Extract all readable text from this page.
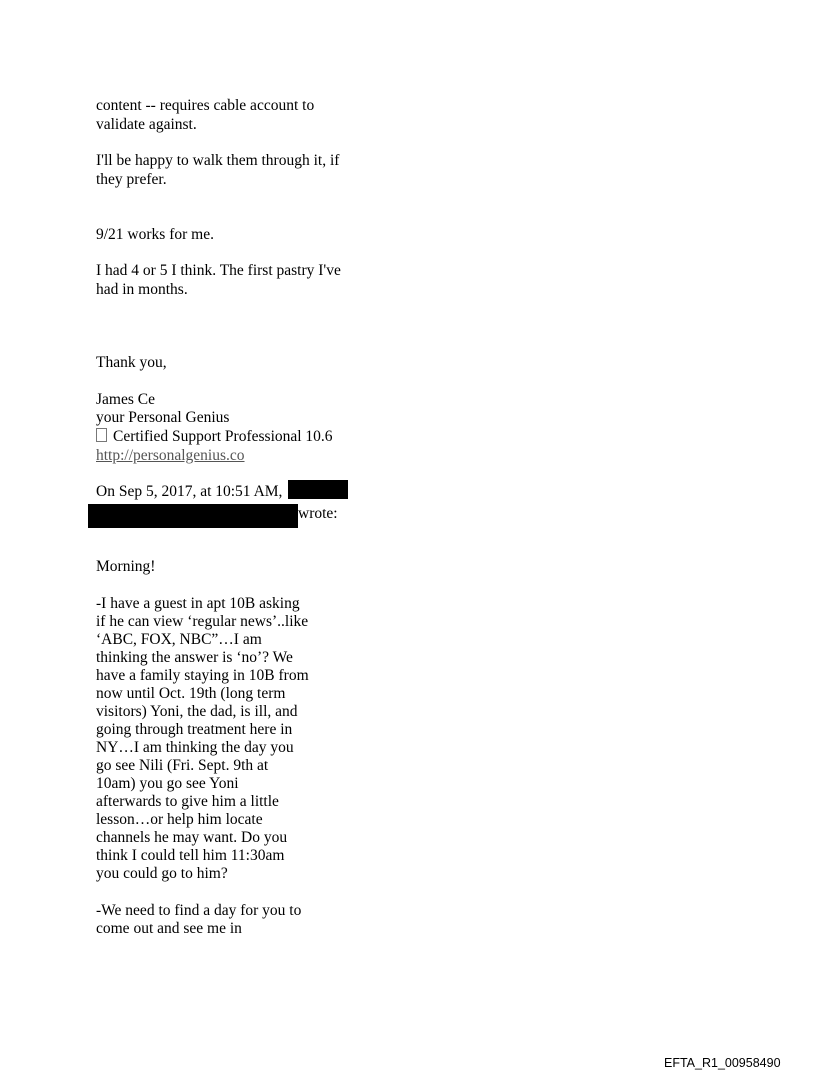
content -- requires cable account to
validate against.
I'll be happy to walk them through it, if
they prefer.
9/21 works for me.
I had 4 or 5 I think. The first pastry I've
had in months.
Thank you,
James Ce
your Personal Genius
Certified Support Professional 10.6
http://personalgenius.co
On Sep 5, 2017, at 10:51 AM,
wrote:
Morning!
-I have a guest in apt 10B asking
if he can view ‘regular news’..like
‘ABC, FOX, NBC”…I am
thinking the answer is ‘no’? We
have a family staying in 10B from
now until Oct. 19th (long term
visitors) Yoni, the dad, is ill, and
going through treatment here in
NY…I am thinking the day you
go see Nili (Fri. Sept. 9th at
10am) you go see Yoni
afterwards to give him a little
lesson…or help him locate
channels he may want. Do you
think I could tell him 11:30am
you could go to him?
-We need to find a day for you to
come out and see me in
EFTA_R1_00958490
